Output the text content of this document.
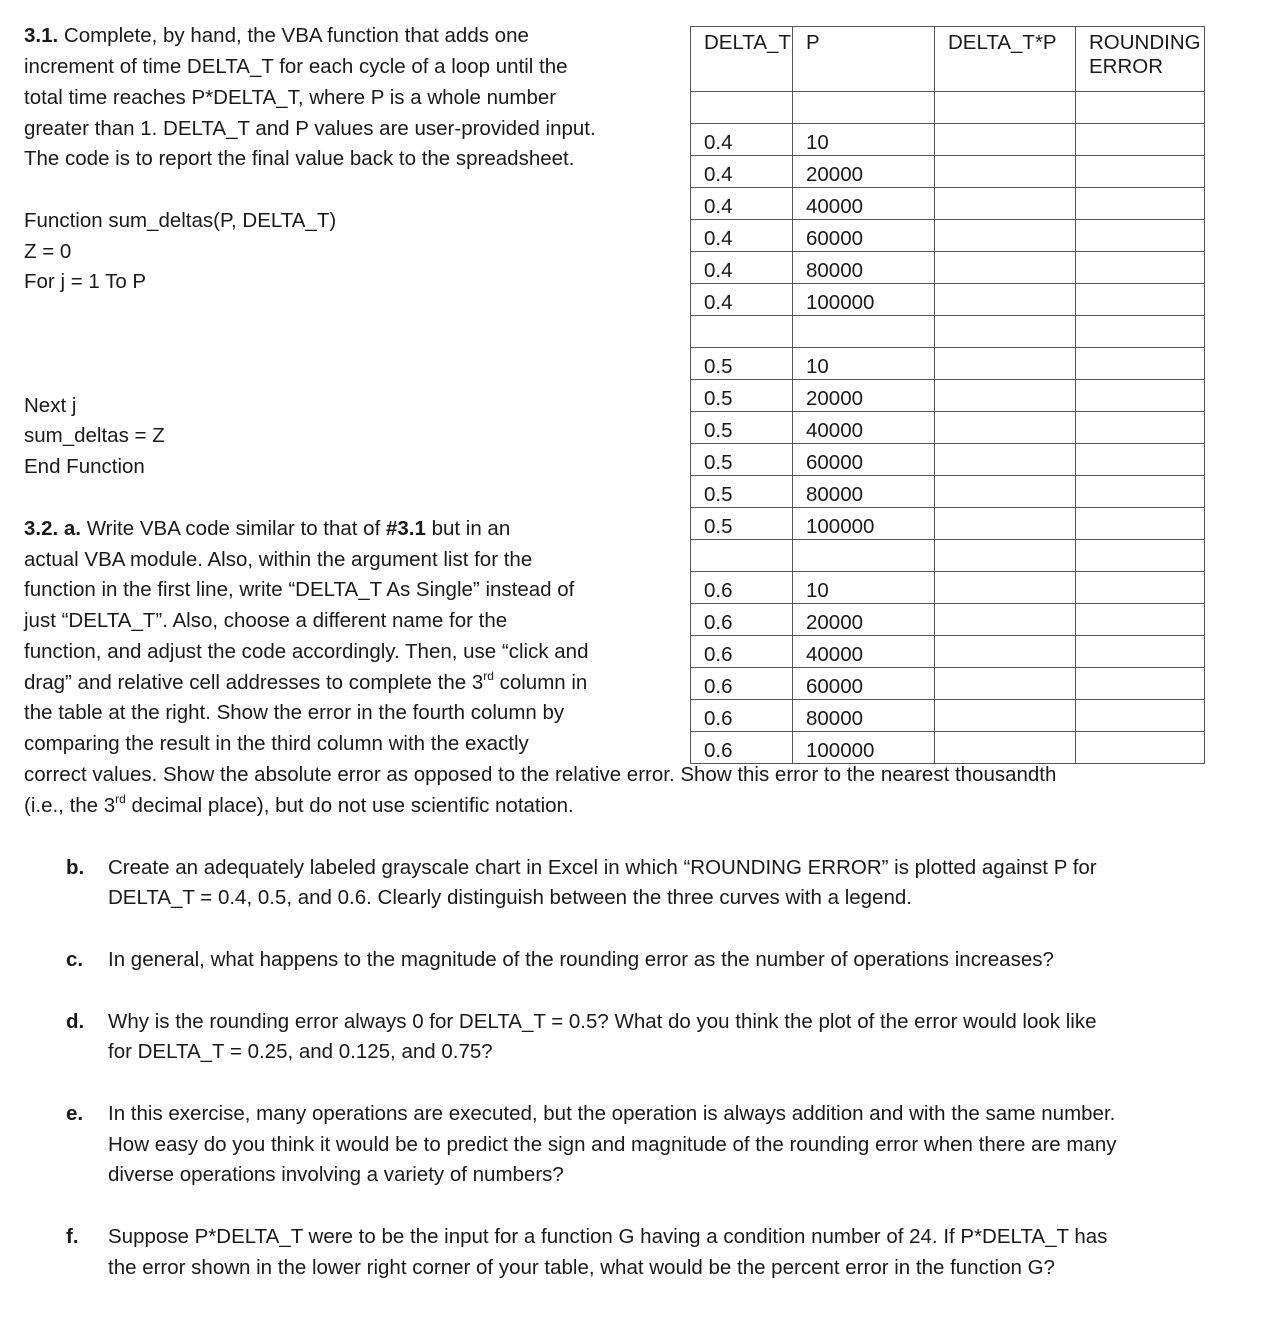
3.1. Complete, by hand, the VBA function that adds one
increment of time DELTA_T for each cycle of a loop until the
total time reaches P*DELTA_T, where P is a whole number
greater than 1. DELTA_T and P values are user-provided input.
The code is to report the final value back to the spreadsheet.
Function sum_deltas(P, DELTA_T)
Z = 0
For j = 1 To P
Next j
sum_deltas = Z
End Function
DELTA_T	P	DELTA_T*P	ROUNDING
ERROR

0.4	10		
0.4	20000		
0.4	40000		
0.4	60000		
0.4	80000		
0.4	100000		

0.5	10		
0.5	20000		
0.5	40000		
0.5	60000		
0.5	80000		
0.5	100000		

0.6	10		
0.6	20000		
0.6	40000		
0.6	60000		
0.6	80000		
0.6	100000		
3.2. a. Write VBA code similar to that of #3.1 but in an
actual VBA module. Also, within the argument list for the
function in the first line, write “DELTA_T As Single” instead of
just “DELTA_T”. Also, choose a different name for the
function, and adjust the code accordingly. Then, use “click and
drag” and relative cell addresses to complete the 3rd column in
the table at the right. Show the error in the fourth column by
comparing the result in the third column with the exactly
correct values. Show the absolute error as opposed to the relative error. Show this error to the nearest thousandth
(i.e., the 3rd decimal place), but do not use scientific notation.
b. Create an adequately labeled grayscale chart in Excel in which “ROUNDING ERROR” is plotted against P for
DELTA_T = 0.4, 0.5, and 0.6. Clearly distinguish between the three curves with a legend.
c. In general, what happens to the magnitude of the rounding error as the number of operations increases?
d. Why is the rounding error always 0 for DELTA_T = 0.5? What do you think the plot of the error would look like
for DELTA_T = 0.25, and 0.125, and 0.75?
e. In this exercise, many operations are executed, but the operation is always addition and with the same number.
How easy do you think it would be to predict the sign and magnitude of the rounding error when there are many
diverse operations involving a variety of numbers?
f. Suppose P*DELTA_T were to be the input for a function G having a condition number of 24. If P*DELTA_T has
the error shown in the lower right corner of your table, what would be the percent error in the function G?
